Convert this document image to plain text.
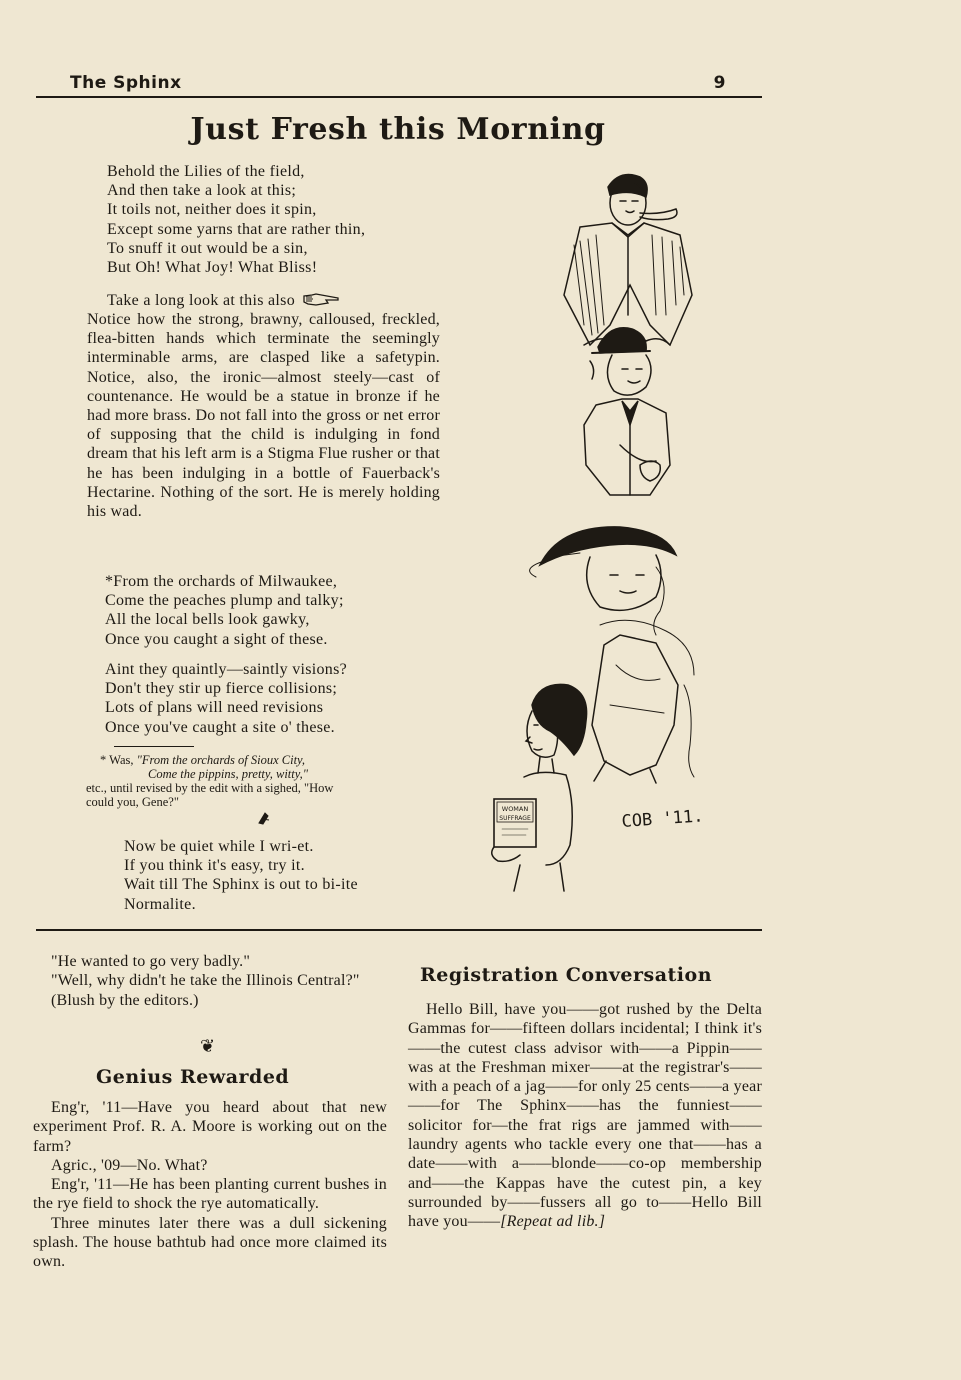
The Sphinx	9
Just Fresh this Morning
Behold the Lilies of the field,
And then take a look at this;
It toils not, neither does it spin,
Except some yarns that are rather thin,
To snuff it out would be a sin,
But Oh! What Joy! What Bliss!
Take a long look at this also

Notice how the strong, brawny, calloused, freckled, flea-bitten hands which terminate the seemingly interminable arms, are clasped like a safetypin. Notice, also, the ironic—almost steely—cast of countenance. He would be a statue in bronze if he had more brass. Do not fall into the gross or net error of supposing that the child is indulging in fond dream that his left arm is a Stigma Flue rusher or that he has been indulging in a bottle of Fauerback's Hectarine. Nothing of the sort. He is merely holding his wad.

*From the orchards of Milwaukee,
Come the peaches plump and talky;
All the local bells look gawky,
Once you caught a sight of these.
Aint they quaintly—saintly visions?
Don't they stir up fierce collisions;
Lots of plans will need revisions
Once you've caught a site o' these.
* Was, "From the orchards of Sioux City,
Come the pippins, pretty, witty,"
etc., until revised by the edit with a sighed, "How
could you, Gene?"
Now be quiet while I wri-et.
If you think it's easy, try it.
Wait till The Sphinx is out to bi-ite
Normalite.
WOMAN
SUFFRAGE	COB '11.

"He wanted to go very badly."

"Well, why didn't he take the Illinois Central?"

(Blush by the editors.)

❦
Genius Rewarded

Eng'r, '11—Have you heard about that new experiment Prof. R. A. Moore is working out on the farm?

Agric., '09—No. What?

Eng'r, '11—He has been planting current bushes in the rye field to shock the rye automatically.

Three minutes later there was a dull sickening splash. The house bathtub had once more claimed its own.

Registration Conversation

Hello Bill, have you——got rushed by the Delta Gammas for——fifteen dollars incidental; I think it's——the cutest class advisor with——a Pippin——was at the Freshman mixer——at the registrar's——with a peach of a jag——for only 25 cents——a year——for The Sphinx——has the funniest——solicitor for—the frat rigs are jammed with——laundry agents who tackle every one that——has a date——with a——blonde——co-op membership and——the Kappas have the cutest pin, a key surrounded by——fussers all go to——Hello Bill have you——[Repeat ad lib.]
